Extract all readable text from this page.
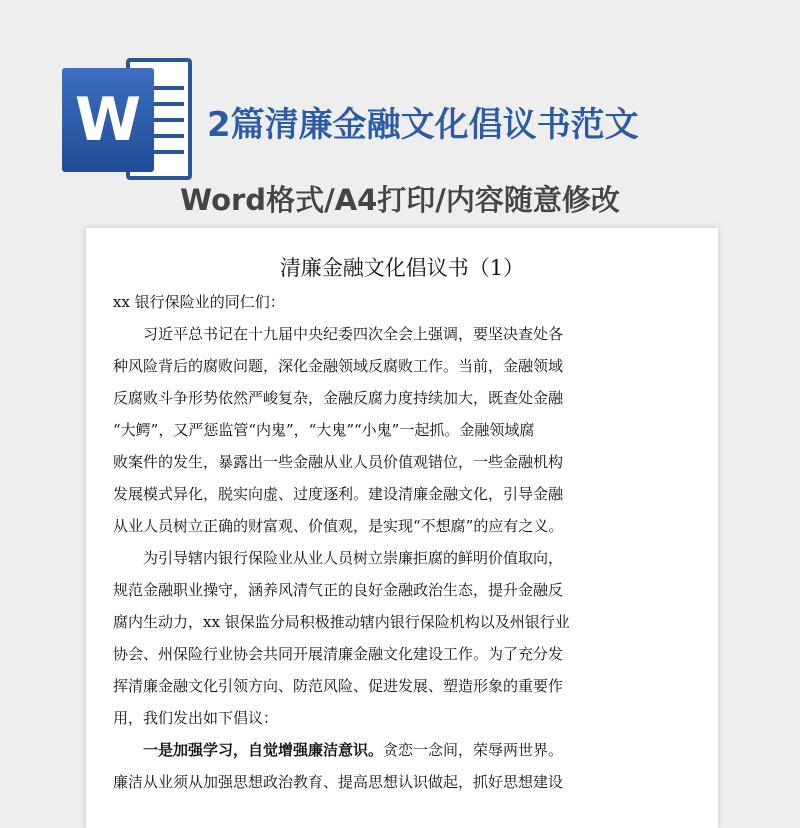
W	2篇清廉金融文化倡议书范文
Word格式/A4打印/内容随意修改
清廉金融文化倡议书（1）
xx 银行保险业的同仁们：
习近平总书记在十九届中央纪委四次全会上强调，要坚决查处各
种风险背后的腐败问题，深化金融领域反腐败工作。当前，金融领域
反腐败斗争形势依然严峻复杂，金融反腐力度持续加大，既查处金融
“大鳄”，又严惩监管“内鬼”，“大鬼”“小鬼”一起抓。金融领域腐
败案件的发生，暴露出一些金融从业人员价值观错位，一些金融机构
发展模式异化，脱实向虚、过度逐利。建设清廉金融文化，引导金融
从业人员树立正确的财富观、价值观，是实现“不想腐”的应有之义。
为引导辖内银行保险业从业人员树立崇廉拒腐的鲜明价值取向，
规范金融职业操守，涵养风清气正的良好金融政治生态，提升金融反
腐内生动力，xx 银保监分局积极推动辖内银行保险机构以及州银行业
协会、州保险行业协会共同开展清廉金融文化建设工作。为了充分发
挥清廉金融文化引领方向、防范风险、促进发展、塑造形象的重要作
用，我们发出如下倡议：
一是加强学习，自觉增强廉洁意识。贪恋一念间，荣辱两世界。
廉洁从业须从加强思想政治教育、提高思想认识做起，抓好思想建设
